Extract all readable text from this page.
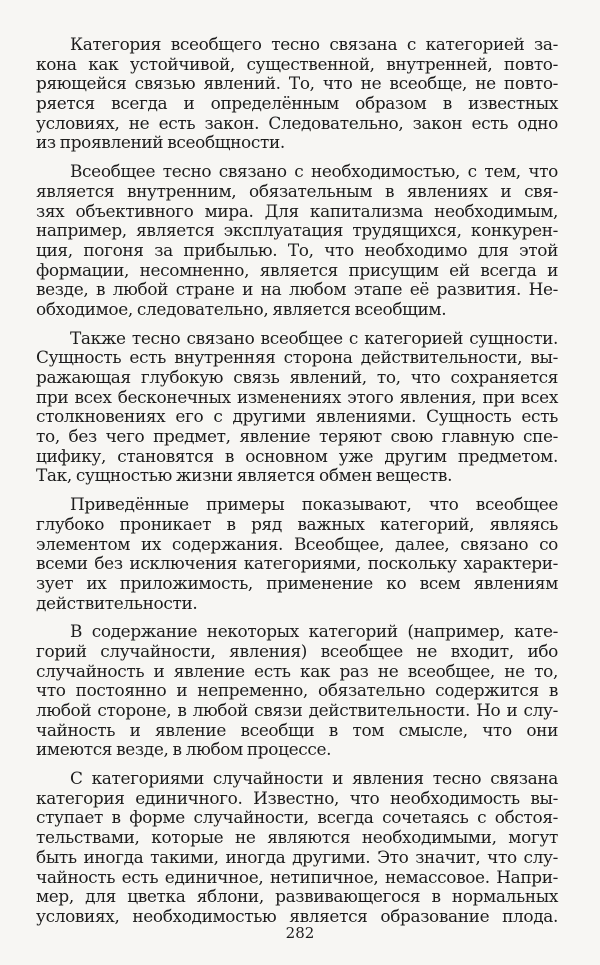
Категория всеобщего тесно связана с категорией за-
кона как устойчивой, существенной, внутренней, повто-
ряющейся связью явлений. То, что не всеобще, не повто-
ряется всегда и определённым образом в известных
условиях, не есть закон. Следовательно, закон есть одно
из проявлений всеобщности.
Всеобщее тесно связано с необходимостью, с тем, что
является внутренним, обязательным в явлениях и свя-
зях объективного мира. Для капитализма необходимым,
например, является эксплуатация трудящихся, конкурен-
ция, погоня за прибылью. То, что необходимо для этой
формации, несомненно, является присущим ей всегда и
везде, в любой стране и на любом этапе её развития. Не-
обходимое, следовательно, является всеобщим.
Также тесно связано всеобщее с категорией сущности.
Сущность есть внутренняя сторона действительности, вы-
ражающая глубокую связь явлений, то, что сохраняется
при всех бесконечных изменениях этого явления, при всех
столкновениях его с другими явлениями. Сущность есть
то, без чего предмет, явление теряют свою главную спе-
цифику, становятся в основном уже другим предметом.
Так, сущностью жизни является обмен веществ.
Приведённые примеры показывают, что всеобщее
глубоко проникает в ряд важных категорий, являясь
элементом их содержания. Всеобщее, далее, связано со
всеми без исключения категориями, поскольку характери-
зует их приложимость, применение ко всем явлениям
действительности.
В содержание некоторых категорий (например, кате-
горий случайности, явления) всеобщее не входит, ибо
случайность и явление есть как раз не всеобщее, не то,
что постоянно и непременно, обязательно содержится в
любой стороне, в любой связи действительности. Но и слу-
чайность и явление всеобщи в том смысле, что они
имеются везде, в любом процессе.
С категориями случайности и явления тесно связана
категория единичного. Известно, что необходимость вы-
ступает в форме случайности, всегда сочетаясь с обстоя-
тельствами, которые не являются необходимыми, могут
быть иногда такими, иногда другими. Это значит, что слу-
чайность есть единичное, нетипичное, немассовое. Напри-
мер, для цветка яблони, развивающегося в нормальных
условиях, необходимостью является образование плода.
282
